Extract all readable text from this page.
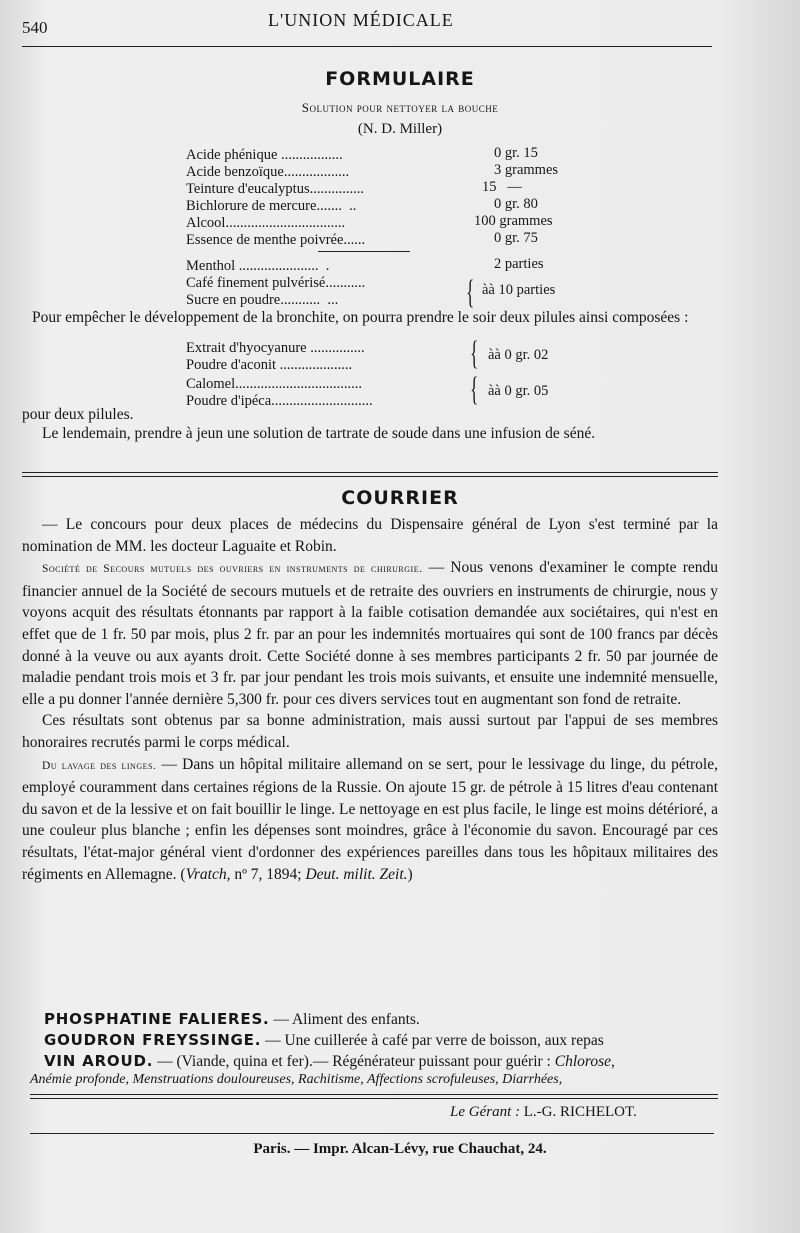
540	L'UNION MÉDICALE
FORMULAIRE
Solution pour nettoyer la bouche
(N. D. Miller)
Acide phénique .................	0 gr. 15
Acide benzoïque..................	3 grammes
Teinture d'eucalyptus...............	15   —
Bichlorure de mercure.......  ..	0 gr. 80
Alcool.................................	100 grammes
Essence de menthe poivrée......	0 gr. 75
Menthol ......................  .	2 parties
Café finement pulvérisé...........
Sucre en poudre...........  ...	{ àà 10 parties

Pour empêcher le développement de la bronchite, on pourra prendre le soir deux pilules ainsi composées :

Extrait d'hyocyanure ...............
Poudre d'aconit ....................	{ àà 0 gr. 02
Calomel...................................
Poudre d'ipéca............................	{ àà 0 gr. 05

pour deux pilules.

Le lendemain, prendre à jeun une solution de tartrate de soude dans une infusion de séné.

COURRIER

— Le concours pour deux places de médecins du Dispensaire général de Lyon s'est terminé par la nomination de MM. les docteur Laguaite et Robin.

Société de Secours mutuels des ouvriers en instruments de chirurgie. — Nous venons d'examiner le compte rendu financier annuel de la Société de secours mutuels et de retraite des ouvriers en instruments de chirurgie, nous y voyons acquit des résultats étonnants par rapport à la faible cotisation demandée aux sociétaires, qui n'est en effet que de 1 fr. 50 par mois, plus 2 fr. par an pour les indemnités mortuaires qui sont de 100 francs par décès donné à la veuve ou aux ayants droit. Cette Société donne à ses membres participants 2 fr. 50 par journée de maladie pendant trois mois et 3 fr. par jour pendant les trois mois suivants, et ensuite une indemnité mensuelle, elle a pu donner l'année dernière 5,300 fr. pour ces divers services tout en augmentant son fond de retraite.

Ces résultats sont obtenus par sa bonne administration, mais aussi surtout par l'appui de ses membres honoraires recrutés parmi le corps médical.

Du lavage des linges. — Dans un hôpital militaire allemand on se sert, pour le lessivage du linge, du pétrole, employé couramment dans certaines régions de la Russie. On ajoute 15 gr. de pétrole à 15 litres d'eau contenant du savon et de la lessive et on fait bouillir le linge. Le nettoyage en est plus facile, le linge est moins détérioré, a une couleur plus blanche ; enfin les dépenses sont moindres, grâce à l'économie du savon. Encouragé par ces résultats, l'état-major général vient d'ordonner des expériences pareilles dans tous les hôpitaux militaires des régiments en Allemagne. (Vratch, nº 7, 1894; Deut. milit. Zeit.)

PHOSPHATINE FALIERES. — Aliment des enfants.
GOUDRON FREYSSINGE. — Une cuillerée à café par verre de boisson, aux repas
VIN AROUD. — (Viande, quina et fer).— Régénérateur puissant pour guérir : Chlorose,
Anémie profonde, Menstruations douloureuses, Rachitisme, Affections scrofuleuses, Diarrhées,
Le Gérant : L.-G. RICHELOT.
Paris. — Impr. Alcan-Lévy, rue Chauchat, 24.
